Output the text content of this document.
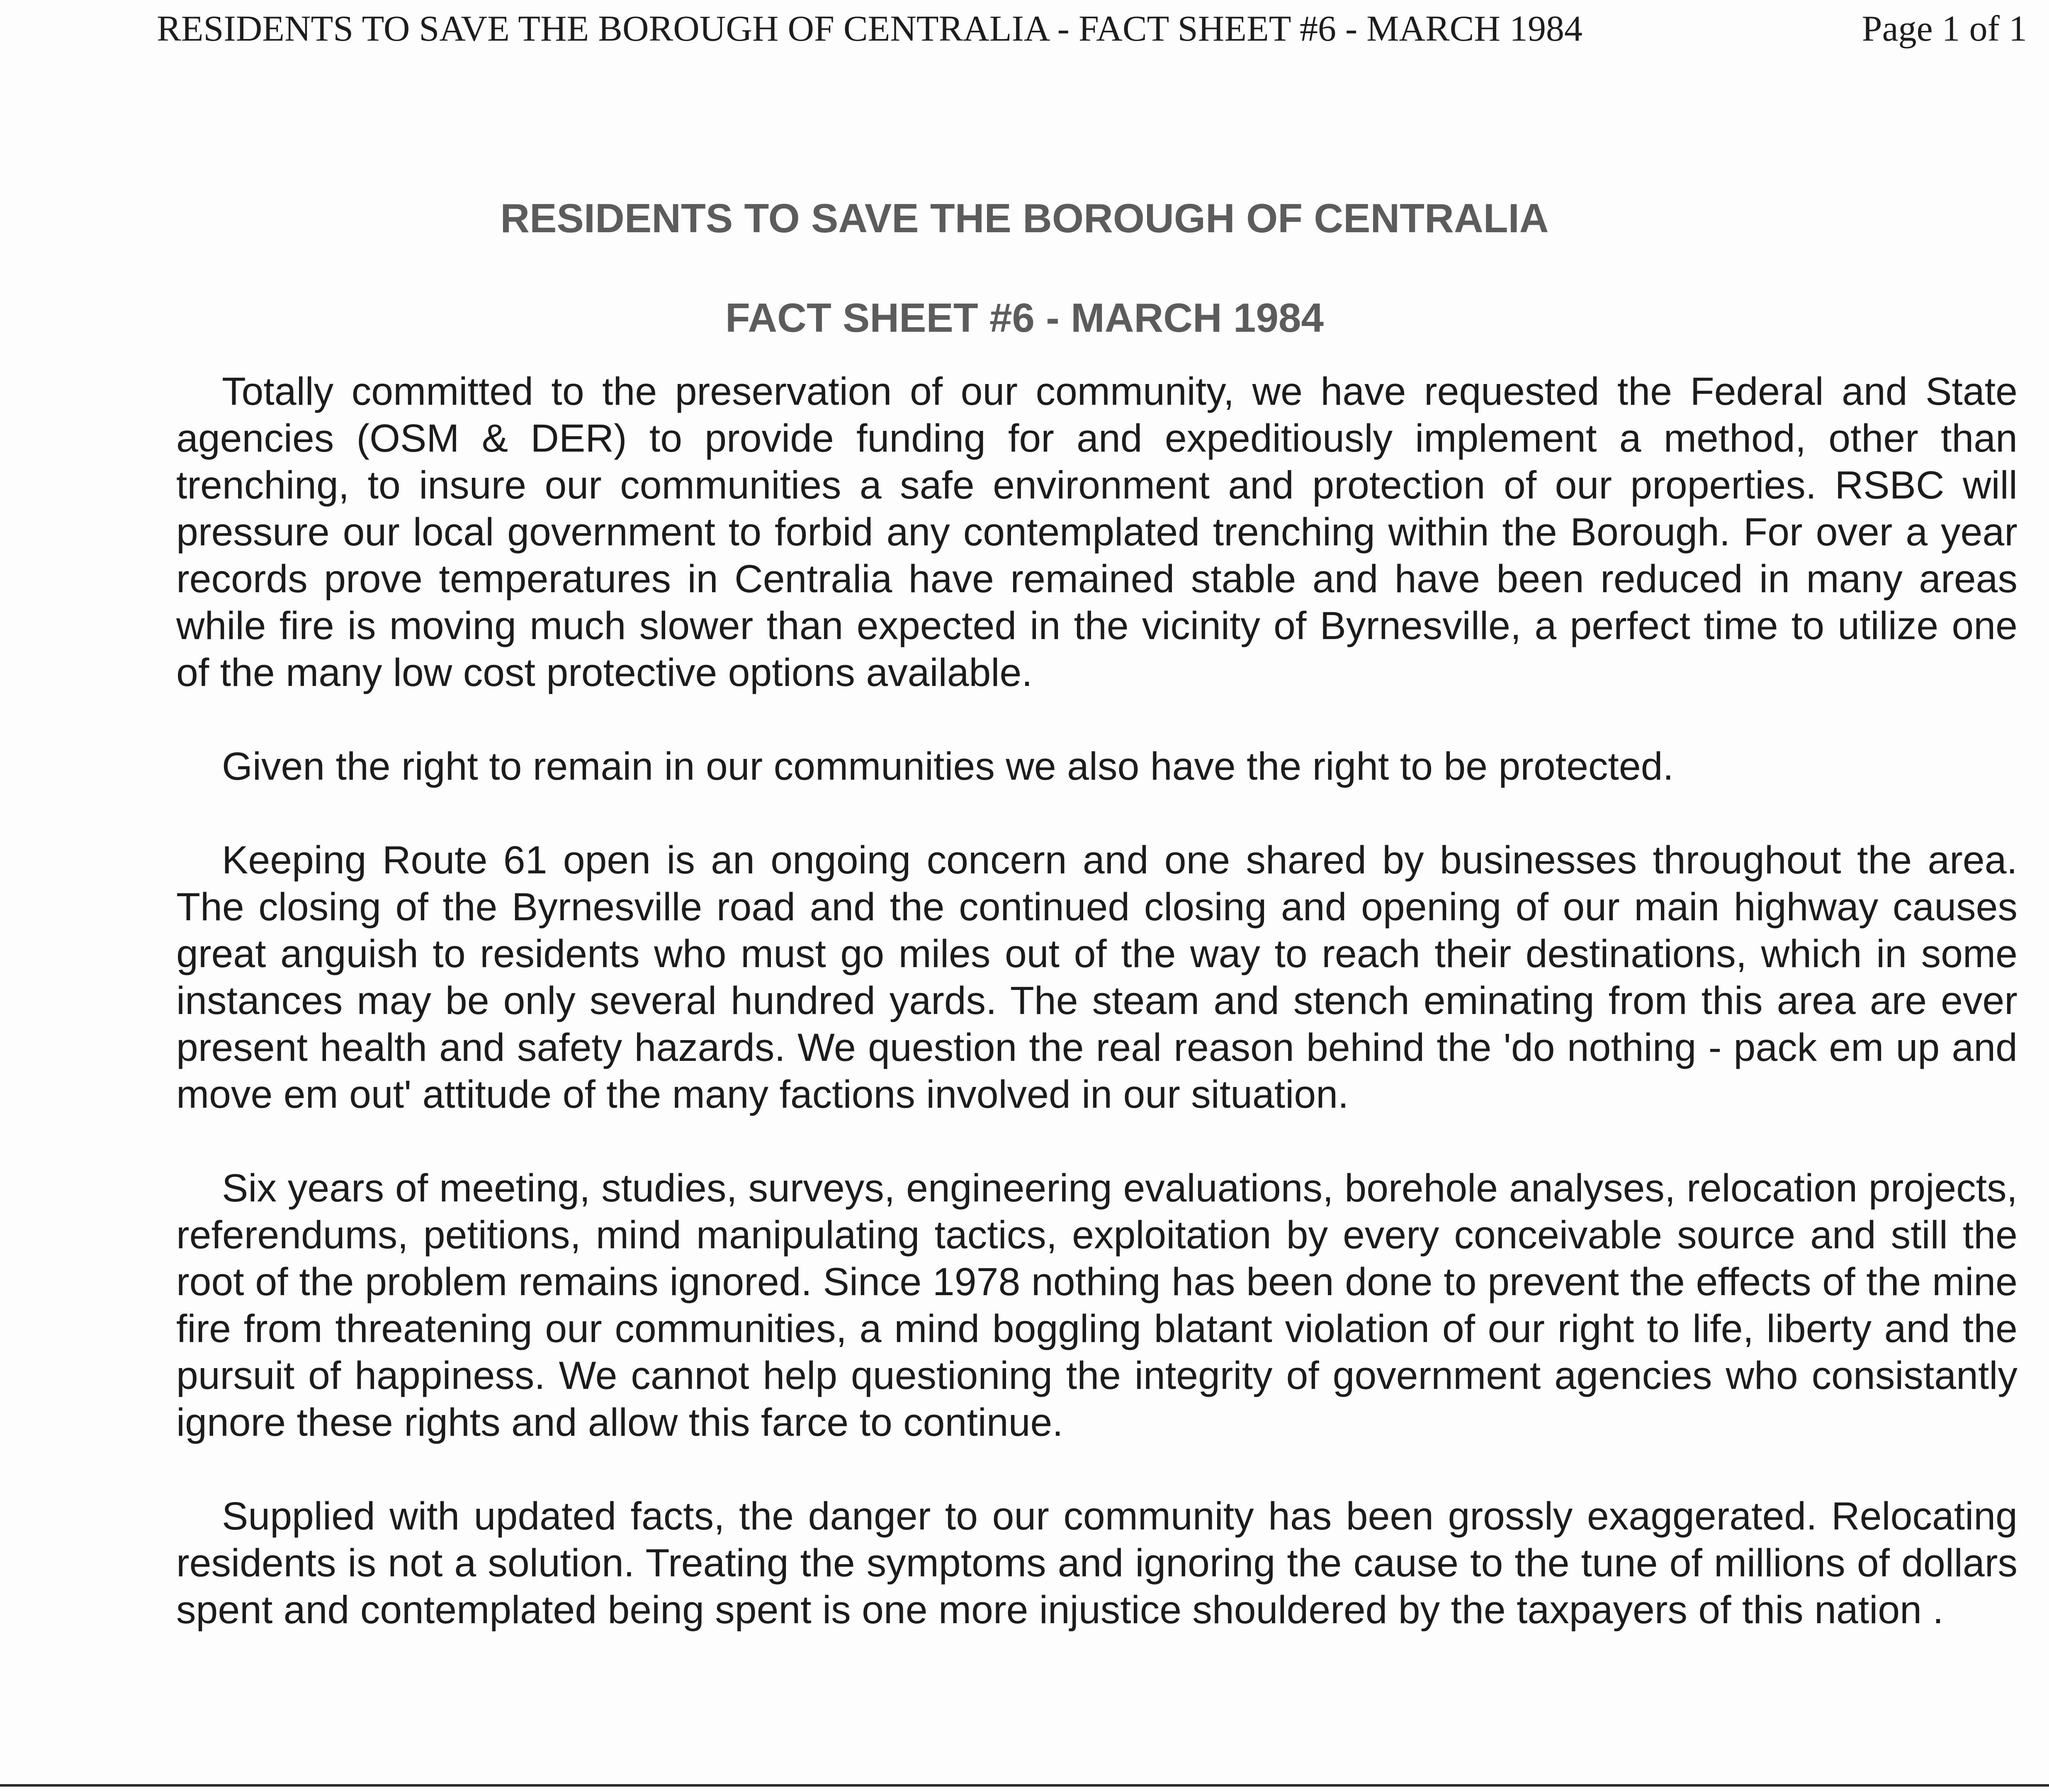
RESIDENTS TO SAVE THE BOROUGH OF CENTRALIA - FACT SHEET #6 - MARCH 1984	Page 1 of 1
RESIDENTS TO SAVE THE BOROUGH OF CENTRALIA
FACT SHEET #6 - MARCH 1984

Totally committed to the preservation of our community, we have requested the Federal and State agencies (OSM & DER) to provide funding for and expeditiously implement a method, other than trenching, to insure our communities a safe environment and protection of our properties. RSBC will pressure our local government to forbid any contemplated trenching within the Borough. For over a year records prove temperatures in Centralia have remained stable and have been reduced in many areas while fire is moving much slower than expected in the vicinity of Byrnesville, a perfect time to utilize one of the many low cost protective options available.

Given the right to remain in our communities we also have the right to be protected.

Keeping Route 61 open is an ongoing concern and one shared by businesses throughout the area. The closing of the Byrnesville road and the continued closing and opening of our main highway causes great anguish to residents who must go miles out of the way to reach their destinations, which in some instances may be only several hundred yards. The steam and stench eminating from this area are ever present health and safety hazards. We question the real reason behind the 'do nothing - pack em up and move em out' attitude of the many factions involved in our situation.

Six years of meeting, studies, surveys, engineering evaluations, borehole analyses, relocation projects, referendums, petitions, mind manipulating tactics, exploitation by every conceivable source and still the root of the problem remains ignored. Since 1978 nothing has been done to prevent the effects of the mine fire from threatening our communities, a mind boggling blatant violation of our right to life, liberty and the pursuit of happiness. We cannot help questioning the integrity of government agencies who consistantly ignore these rights and allow this farce to continue.

Supplied with updated facts, the danger to our community has been grossly exaggerated. Relocating residents is not a solution. Treating the symptoms and ignoring the cause to the tune of millions of dollars spent and contemplated being spent is one more injustice shouldered by the taxpayers of this nation .
